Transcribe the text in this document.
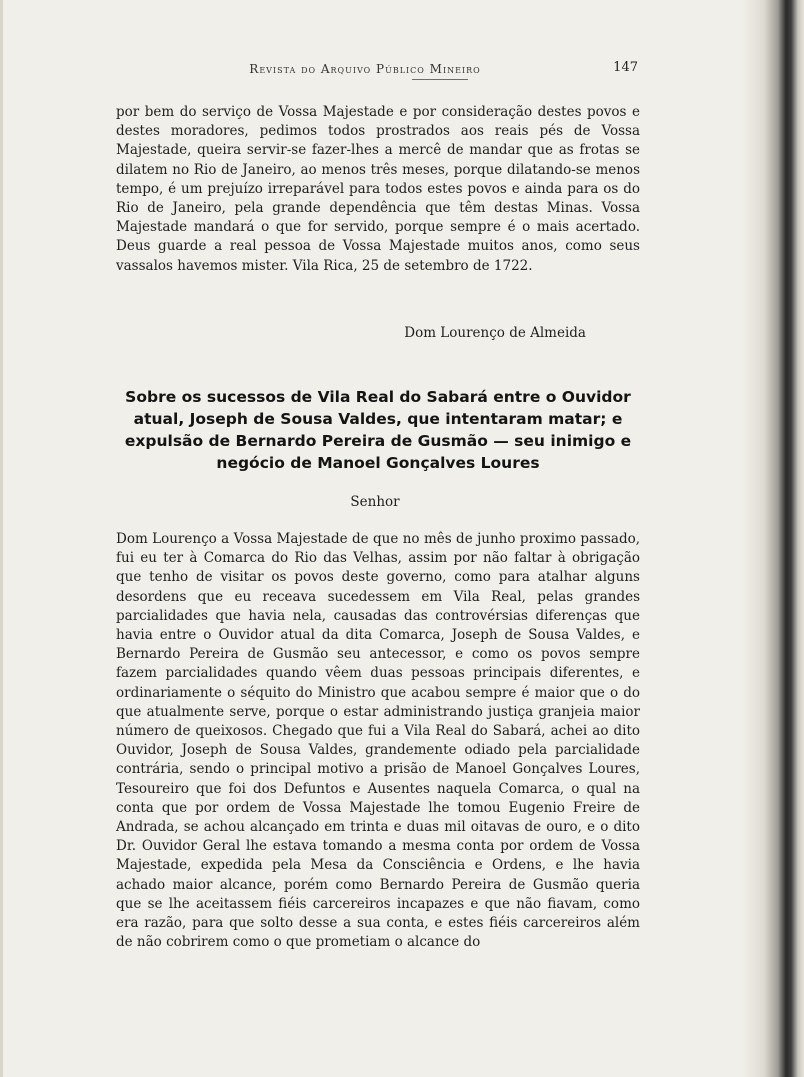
Revista do Arquivo Público Mineiro	147

por bem do serviço de Vossa Majestade e por consideração destes povos e destes moradores, pedimos todos prostrados aos reais pés de Vossa Majestade, queira servir-se fazer-lhes a mercê de mandar que as frotas se dilatem no Rio de Janeiro, ao menos três meses, porque dilatando-se menos tempo, é um prejuízo irreparável para todos estes povos e ainda para os do Rio de Janeiro, pela grande dependência que têm destas Minas. Vossa Majestade mandará o que for servido, porque sempre é o mais acertado. Deus guarde a real pessoa de Vossa Majestade muitos anos, como seus vassalos havemos mister. Vila Rica, 25 de setembro de 1722.

Dom Lourenço de Almeida
Sobre os sucessos de Vila Real do Sabará entre o Ouvidor atual, Joseph de Sousa Valdes, que intentaram matar; e expulsão de Bernardo Pereira de Gusmão — seu inimigo e negócio de Manoel Gonçalves Loures
Senhor

Dom Lourenço a Vossa Majestade de que no mês de junho proximo passado, fui eu ter à Comarca do Rio das Velhas, assim por não faltar à obrigação que tenho de visitar os povos deste governo, como para atalhar alguns desordens que eu receava sucedessem em Vila Real, pelas grandes parcialidades que havia nela, causadas das controvérsias diferenças que havia entre o Ouvidor atual da dita Comarca, Joseph de Sousa Valdes, e Bernardo Pereira de Gusmão seu antecessor, e como os povos sempre fazem parcialidades quando vêem duas pessoas principais diferentes, e ordinariamente o séquito do Ministro que acabou sempre é maior que o do que atualmente serve, porque o estar administrando justiça granjeia maior número de queixosos. Chegado que fui a Vila Real do Sabará, achei ao dito Ouvidor, Joseph de Sousa Valdes, grandemente odiado pela parcialidade contrária, sendo o principal motivo a prisão de Manoel Gonçalves Loures, Tesoureiro que foi dos Defuntos e Ausentes naquela Comarca, o qual na conta que por ordem de Vossa Majestade lhe tomou Eugenio Freire de Andrada, se achou alcançado em trinta e duas mil oitavas de ouro, e o dito Dr. Ouvidor Geral lhe estava tomando a mesma conta por ordem de Vossa Majestade, expedida pela Mesa da Consciência e Ordens, e lhe havia achado maior alcance, porém como Bernardo Pereira de Gusmão queria que se lhe aceitassem fiéis carcereiros incapazes e que não fiavam, como era razão, para que solto desse a sua conta, e estes fiéis carcereiros além de não cobrirem como o que prometiam o alcance do
